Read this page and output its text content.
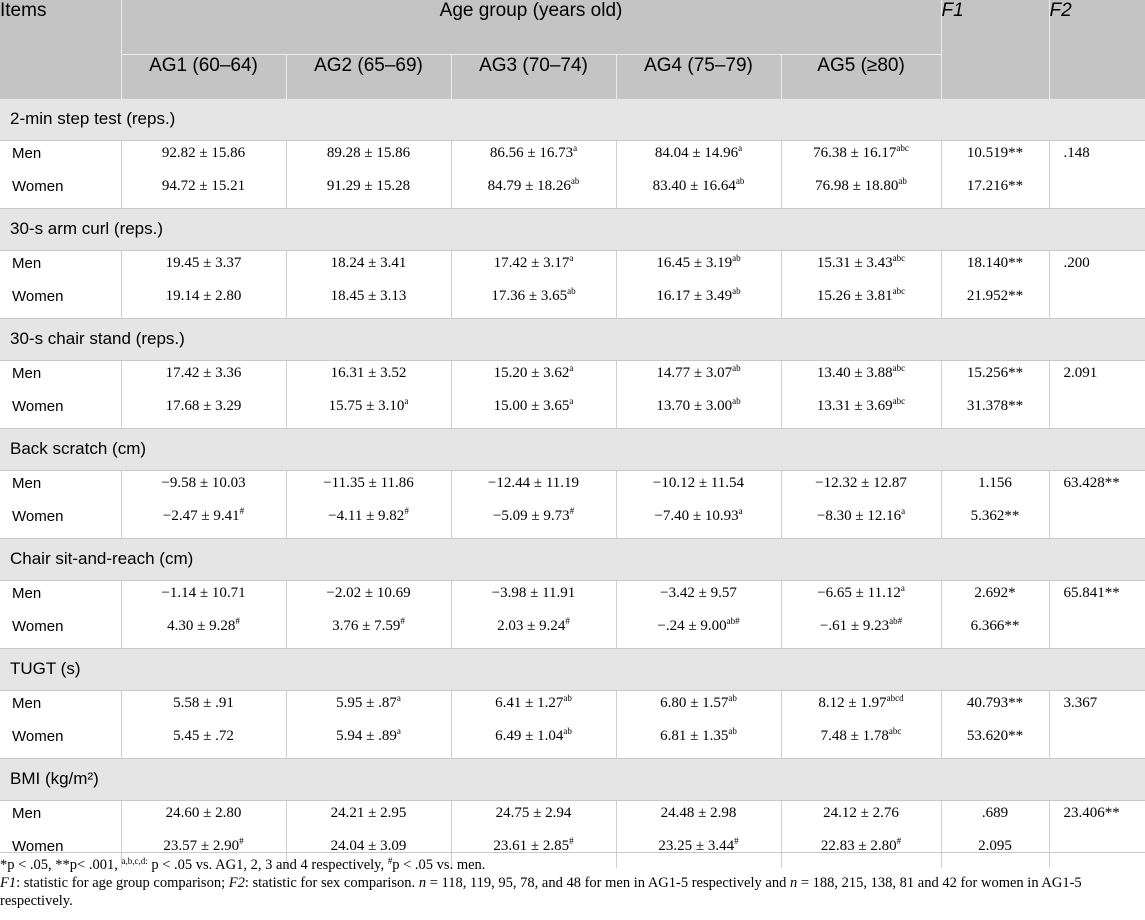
Items	Age group (years old)					F1	F2
	AG1 (60–64)	AG2 (65–69)	AG3 (70–74)	AG4 (75–79)	AG5 (≥80)		
2-min step test (reps.)							
Men	92.82 ± 15.86	89.28 ± 15.86	86.56 ± 16.73$^a$	84.04 ± 14.96$^a$	76.38 ± 16.17$^{abc}$	10.519**	.148
Women	94.72 ± 15.21	91.29 ± 15.28	84.79 ± 18.26$^{ab}$	83.40 ± 16.64$^{ab}$	76.98 ± 18.80$^{ab}$	17.216**	
30-s arm curl (reps.)							
Men	19.45 ± 3.37	18.24 ± 3.41	17.42 ± 3.17$^a$	16.45 ± 3.19$^{ab}$	15.31 ± 3.43$^{abc}$	18.140**	.200
Women	19.14 ± 2.80	18.45 ± 3.13	17.36 ± 3.65$^{ab}$	16.17 ± 3.49$^{ab}$	15.26 ± 3.81$^{abc}$	21.952**	
30-s chair stand (reps.)							
Men	17.42 ± 3.36	16.31 ± 3.52	15.20 ± 3.62$^a$	14.77 ± 3.07$^{ab}$	13.40 ± 3.88$^{abc}$	15.256**	2.091
Women	17.68 ± 3.29	15.75 ± 3.10$^a$	15.00 ± 3.65$^a$	13.70 ± 3.00$^{ab}$	13.31 ± 3.69$^{abc}$	31.378**	
Back scratch (cm)							
Men	−9.58 ± 10.03	−11.35 ± 11.86	−12.44 ± 11.19	−10.12 ± 11.54	−12.32 ± 12.87	1.156	63.428**
Women	−2.47 ± 9.41#	−4.11 ± 9.82#	−5.09 ± 9.73#	−7.40 ± 10.93$^a$	−8.30 ± 12.16$^a$	5.362**	
Chair sit-and-reach (cm)							
Men	−1.14 ± 10.71	−2.02 ± 10.69	−3.98 ± 11.91	−3.42 ± 9.57	−6.65 ± 11.12$^a$	2.692*	65.841**
Women	4.30 ± 9.28#	3.76 ± 7.59#	2.03 ± 9.24#	$-.24 \pm 9.00^{ab\#}$	$-.61 \pm 9.23^{ab\#}$	6.366**	
TUGT (s)							
Men	5.58 ± .91	5.95 ± .87$^a$	6.41 ± 1.27$^{ab}$	6.80 ± 1.57$^{ab}$	$8.12 \pm 1.97^{abcd}$	40.793**	3.367
Women	5.45 ± .72	5.94 ± .89$^a$	6.49 ± 1.04$^{ab}$	6.81 ± 1.35$^{ab}$	7.48 ± 1.78$^{abc}$	53.620**	
BMI (kg/m²)							
Men	24.60 ± 2.80	24.21 ± 2.95	24.75 ± 2.94	24.48 ± 2.98	24.12 ± 2.76	.689	23.406**
Women	23.57 ± 2.90#	24.04 ± 3.09	23.61 ± 2.85#	23.25 ± 3.44#	22.83 ± 2.80#	2.095	

*p < .05, **p< .001, $^{a,b,c,d:}$ p < .05 vs. AG1, 2, 3 and 4 respectively, #p < .05 vs. men.

F1: statistic for age group comparison; F2: statistic for sex comparison. n = 118, 119, 95, 78, and 48 for men in AG1-5 respectively and n = 188, 215, 138, 81 and 42 for women in AG1-5 respectively.
